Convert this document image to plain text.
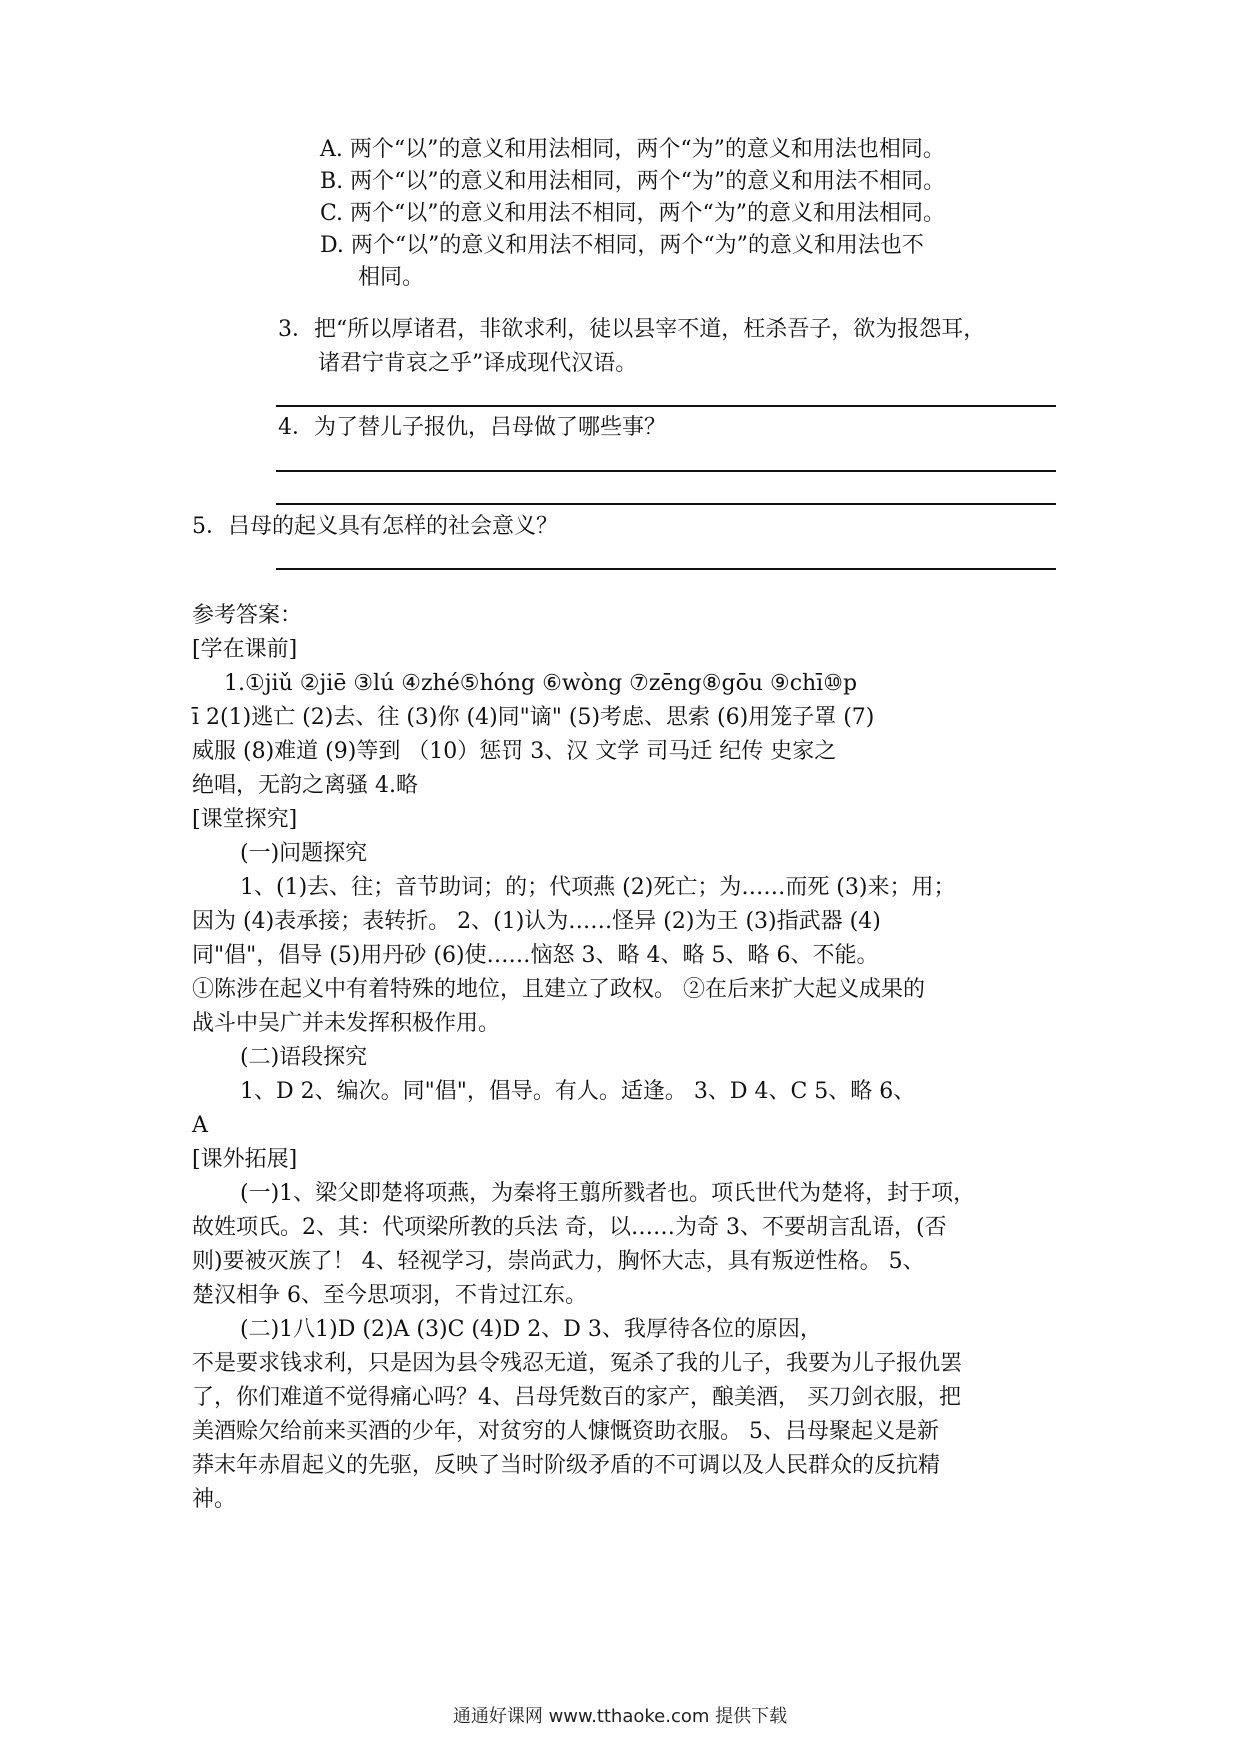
A. 两个“以”的意义和用法相同，两个“为”的意义和用法也相同。
B. 两个“以”的意义和用法相同，两个“为”的意义和用法不相同。
C. 两个“以”的意义和用法不相同，两个“为”的意义和用法相同。
D. 两个“以”的意义和用法不相同，两个“为”的意义和用法也不
相同。
3．把“所以厚诸君，非欲求利，徒以县宰不道，枉杀吾子，欲为报怨耳，
诸君宁肯哀之乎”译成现代汉语。
4．为了替儿子报仇，吕母做了哪些事？
5．吕母的起义具有怎样的社会意义？
参考答案：
[学在课前]
1.①jiǔ ②jiē ③lú ④zhé⑤hóng ⑥wòng ⑦zēng⑧gōu ⑨chī⑩p
ī 2(1)逃亡 (2)去、往 (3)你 (4)同"谪" (5)考虑、思索 (6)用笼子罩 (7)
威服 (8)难道 (9)等到 （10）惩罚 3、汉 文学 司马迁 纪传 史家之
绝唱，无韵之离骚 4.略
[课堂探究]
(一)问题探究
1、(1)去、往；音节助词；的；代项燕 (2)死亡；为……而死 (3)来；用；
因为 (4)表承接；表转折。 2、(1)认为……怪异 (2)为王 (3)指武器 (4)
同"倡"，倡导 (5)用丹砂 (6)使……恼怒 3、略 4、略 5、略 6、不能。
①陈涉在起义中有着特殊的地位，且建立了政权。 ②在后来扩大起义成果的
战斗中吴广并未发挥积极作用。
(二)语段探究
1、D 2、编次。同"倡"，倡导。有人。适逢。 3、D 4、C 5、略 6、
A
[课外拓展]
(一)1、梁父即楚将项燕，为秦将王翦所戮者也。项氏世代为楚将，封于项，
故姓项氏。2、其：代项梁所教的兵法 奇，以……为奇 3、不要胡言乱语，(否
则)要被灭族了！ 4、轻视学习，崇尚武力，胸怀大志，具有叛逆性格。 5、
楚汉相争 6、至今思项羽，不肯过江东。
(二)1八1)D (2)A (3)C (4)D 2、D 3、我厚待各位的原因，
不是要求钱求利，只是因为县令残忍无道，冤杀了我的儿子，我要为儿子报仇罢
了，你们难道不觉得痛心吗？4、吕母凭数百的家产，酿美酒， 买刀剑衣服，把
美酒赊欠给前来买酒的少年，对贫穷的人慷慨资助衣服。 5、吕母聚起义是新
莽末年赤眉起义的先驱，反映了当时阶级矛盾的不可调以及人民群众的反抗精
神。
通通好课网 www.tthaoke.com 提供下载
